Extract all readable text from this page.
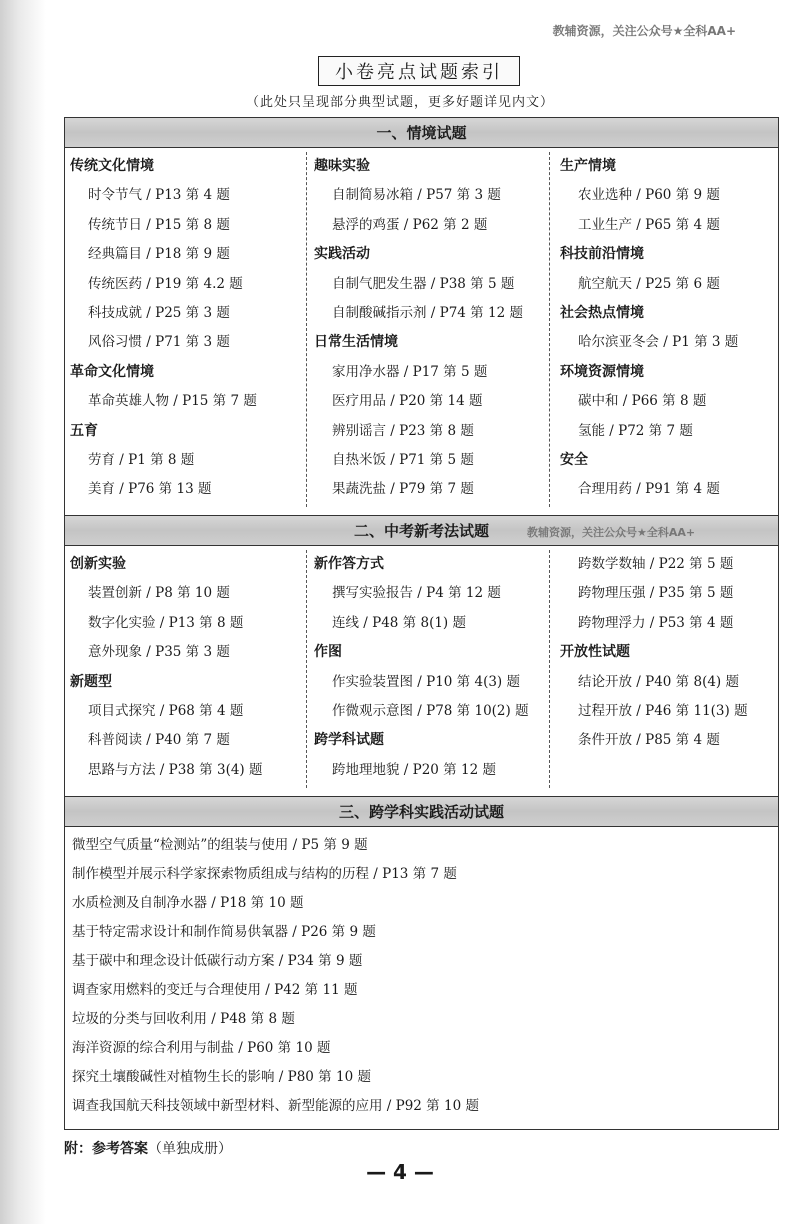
教辅资源，关注公众号★全科AA+
小卷亮点试题索引
（此处只呈现部分典型试题，更多好题详见内文）
一、情境试题
传统文化情境
时令节气 / P13 第 4 题
传统节日 / P15 第 8 题
经典篇目 / P18 第 9 题
传统医药 / P19 第 4.2 题
科技成就 / P25 第 3 题
风俗习惯 / P71 第 3 题
革命文化情境
革命英雄人物 / P15 第 7 题
五育
劳育 / P1 第 8 题
美育 / P76 第 13 题
趣味实验
自制简易冰箱 / P57 第 3 题
悬浮的鸡蛋 / P62 第 2 题
实践活动
自制气肥发生器 / P38 第 5 题
自制酸碱指示剂 / P74 第 12 题
日常生活情境
家用净水器 / P17 第 5 题
医疗用品 / P20 第 14 题
辨别谣言 / P23 第 8 题
自热米饭 / P71 第 5 题
果蔬洗盐 / P79 第 7 题
生产情境
农业选种 / P60 第 9 题
工业生产 / P65 第 4 题
科技前沿情境
航空航天 / P25 第 6 题
社会热点情境
哈尔滨亚冬会 / P1 第 3 题
环境资源情境
碳中和 / P66 第 8 题
氢能 / P72 第 7 题
安全
合理用药 / P91 第 4 题
二、中考新考法试题	教辅资源，关注公众号★全科AA+
创新实验
装置创新 / P8 第 10 题
数字化实验 / P13 第 8 题
意外现象 / P35 第 3 题
新题型
项目式探究 / P68 第 4 题
科普阅读 / P40 第 7 题
思路与方法 / P38 第 3(4) 题
新作答方式
撰写实验报告 / P4 第 12 题
连线 / P48 第 8(1) 题
作图
作实验装置图 / P10 第 4(3) 题
作微观示意图 / P78 第 10(2) 题
跨学科试题
跨地理地貌 / P20 第 12 题
跨数学数轴 / P22 第 5 题
跨物理压强 / P35 第 5 题
跨物理浮力 / P53 第 4 题
开放性试题
结论开放 / P40 第 8(4) 题
过程开放 / P46 第 11(3) 题
条件开放 / P85 第 4 题
三、跨学科实践活动试题
微型空气质量“检测站”的组装与使用 / P5 第 9 题
制作模型并展示科学家探索物质组成与结构的历程 / P13 第 7 题
水质检测及自制净水器 / P18 第 10 题
基于特定需求设计和制作简易供氧器 / P26 第 9 题
基于碳中和理念设计低碳行动方案 / P34 第 9 题
调查家用燃料的变迁与合理使用 / P42 第 11 题
垃圾的分类与回收利用 / P48 第 8 题
海洋资源的综合利用与制盐 / P60 第 10 题
探究土壤酸碱性对植物生长的影响 / P80 第 10 题
调查我国航天科技领域中新型材料、新型能源的应用 / P92 第 10 题
附：参考答案（单独成册）
— 4 —
